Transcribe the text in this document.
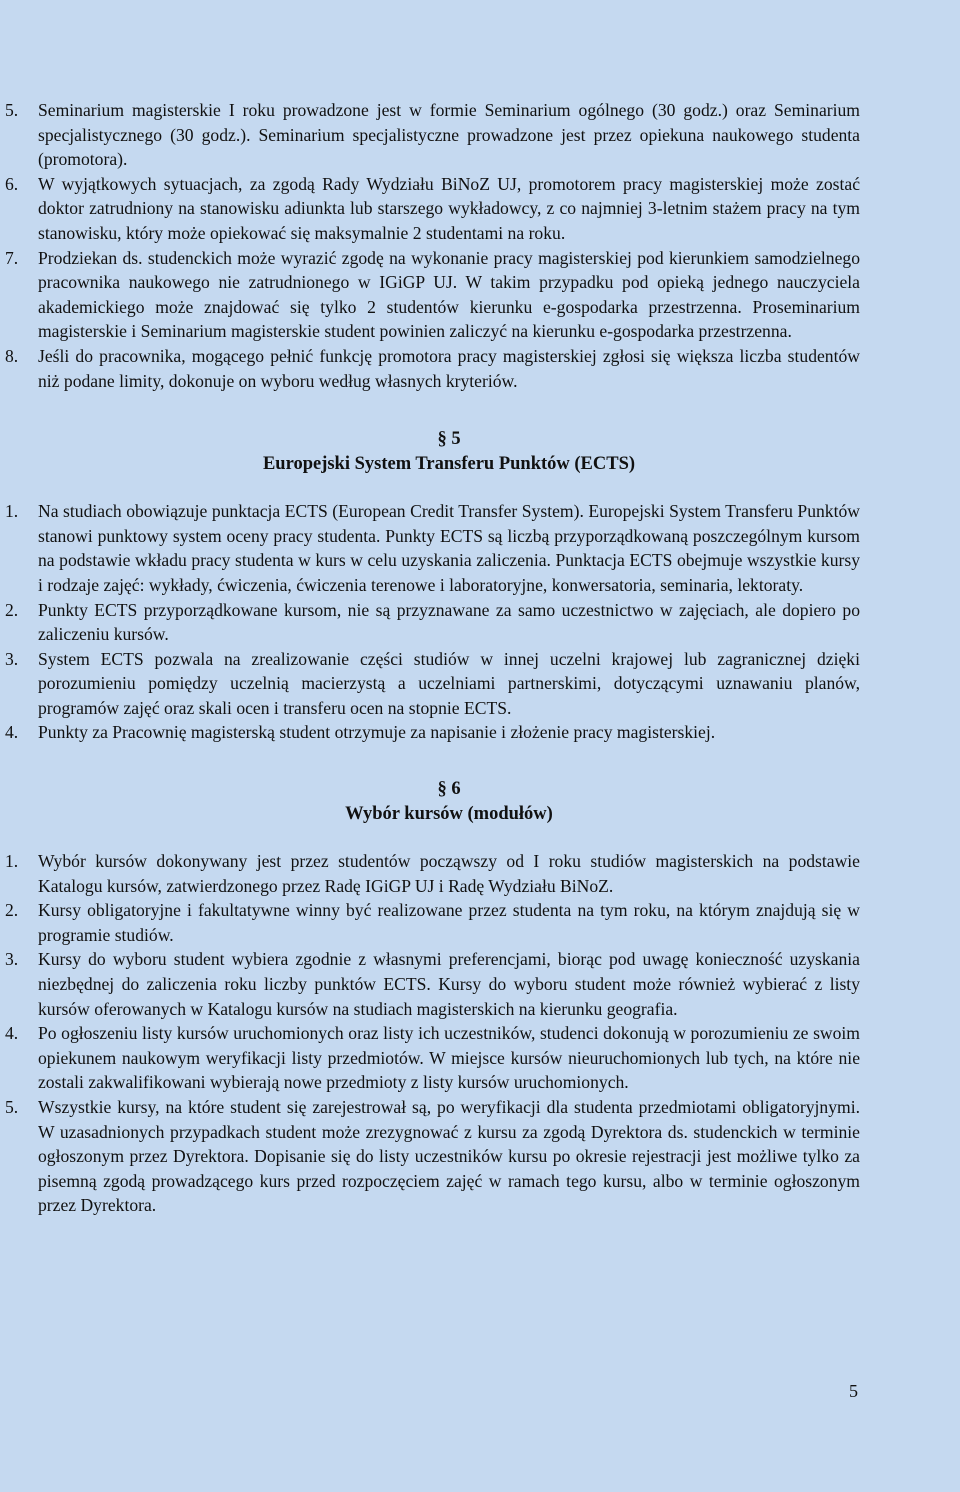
5. Seminarium magisterskie I roku prowadzone jest w formie Seminarium ogólnego (30 godz.) oraz Seminarium specjalistycznego (30 godz.). Seminarium specjalistyczne prowadzone jest przez opiekuna naukowego studenta (promotora).
6. W wyjątkowych sytuacjach, za zgodą Rady Wydziału BiNoZ UJ, promotorem pracy magisterskiej może zostać doktor zatrudniony na stanowisku adiunkta lub starszego wykładowcy, z co najmniej 3-letnim stażem pracy na tym stanowisku, który może opiekować się maksymalnie 2 studentami na roku.
7. Prodziekan ds. studenckich może wyrazić zgodę na wykonanie pracy magisterskiej pod kierunkiem samodzielnego pracownika naukowego nie zatrudnionego w IGiGP UJ. W takim przypadku pod opieką jednego nauczyciela akademickiego może znajdować się tylko 2 studentów kierunku e-gospodarka przestrzenna. Proseminarium magisterskie i Seminarium magisterskie student powinien zaliczyć na kierunku e-gospodarka przestrzenna.
8. Jeśli do pracownika, mogącego pełnić funkcję promotora pracy magisterskiej zgłosi się większa liczba studentów niż podane limity, dokonuje on wyboru według własnych kryteriów.
§ 5
Europejski System Transferu Punktów (ECTS)
1. Na studiach obowiązuje punktacja ECTS (European Credit Transfer System). Europejski System Transferu Punktów stanowi punktowy system oceny pracy studenta. Punkty ECTS są liczbą przyporządkowaną poszczególnym kursom na podstawie wkładu pracy studenta w kurs w celu uzyskania zaliczenia. Punktacja ECTS obejmuje wszystkie kursy i rodzaje zajęć: wykłady, ćwiczenia, ćwiczenia terenowe i laboratoryjne, konwersatoria, seminaria, lektoraty.
2. Punkty ECTS przyporządkowane kursom, nie są przyznawane za samo uczestnictwo w zajęciach, ale dopiero po zaliczeniu kursów.
3. System ECTS pozwala na zrealizowanie części studiów w innej uczelni krajowej lub zagranicznej dzięki porozumieniu pomiędzy uczelnią macierzystą a uczelniami partnerskimi, dotyczącymi uznawaniu planów, programów zajęć oraz skali ocen i transferu ocen na stopnie ECTS.
4. Punkty za Pracownię magisterską student otrzymuje za napisanie i złożenie pracy magisterskiej.
§ 6
Wybór kursów (modułów)
1. Wybór kursów dokonywany jest przez studentów począwszy od I roku studiów magisterskich na podstawie Katalogu kursów, zatwierdzonego przez Radę IGiGP UJ i Radę Wydziału BiNoZ.
2. Kursy obligatoryjne i fakultatywne winny być realizowane przez studenta na tym roku, na którym znajdują się w programie studiów.
3. Kursy do wyboru student wybiera zgodnie z własnymi preferencjami, biorąc pod uwagę konieczność uzyskania niezbędnej do zaliczenia roku liczby punktów ECTS. Kursy do wyboru student może również wybierać z listy kursów oferowanych w Katalogu kursów na studiach magisterskich na kierunku geografia.
4. Po ogłoszeniu listy kursów uruchomionych oraz listy ich uczestników, studenci dokonują w porozumieniu ze swoim opiekunem naukowym weryfikacji listy przedmiotów. W miejsce kursów nieuruchomionych lub tych, na które nie zostali zakwalifikowani wybierają nowe przedmioty z listy kursów uruchomionych.
5. Wszystkie kursy, na które student się zarejestrował są, po weryfikacji dla studenta przedmiotami obligatoryjnymi. W uzasadnionych przypadkach student może zrezygnować z kursu za zgodą Dyrektora ds. studenckich w terminie ogłoszonym przez Dyrektora. Dopisanie się do listy uczestników kursu po okresie rejestracji jest możliwe tylko za pisemną zgodą prowadzącego kurs przed rozpoczęciem zajęć w ramach tego kursu, albo w terminie ogłoszonym przez Dyrektora.
5
